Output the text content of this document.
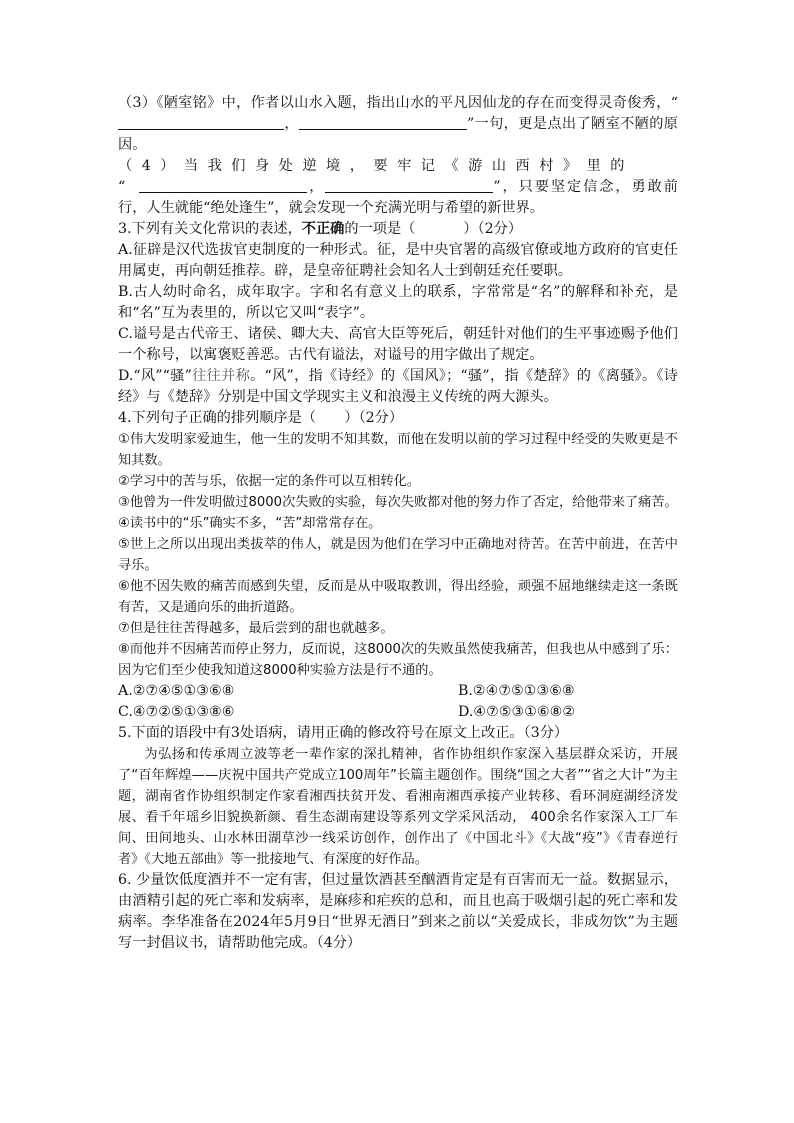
（3）《陋室铭》中，作者以山水入题，指出山水的平凡因仙龙的存在而变得灵奇俊秀，“，	”一句，更是点出了陋室不陋的原因。

（4）当我们身处逆境，要牢记《游山西村》里的
“	，	”，只要坚定信念，勇敢前行，人生就能“绝处逢生”，就会发现一个充满光明与希望的新世界。

3.下列有关文化常识的表述，不正确的一项是（	）（2分）

A.征辟是汉代选拔官吏制度的一种形式。征，是中央官署的高级官僚或地方政府的官吏任用属吏，再向朝廷推荐。辟，是皇帝征聘社会知名人士到朝廷充任要职。

B.古人幼时命名，成年取字。字和名有意义上的联系，字常常是“名”的解释和补充，是和“名”互为表里的，所以它又叫“表字”。

C.谥号是古代帝王、诸侯、卿大夫、高官大臣等死后，朝廷针对他们的生平事迹赐予他们一个称号，以寓褒贬善恶。古代有谥法，对谥号的用字做出了规定。

D.“风”“骚”往往并称。“风”，指《诗经》的《国风》；“骚”，指《楚辞》的《离骚》。《诗经》与《楚辞》分别是中国文学现实主义和浪漫主义传统的两大源头。

4.下列句子正确的排列顺序是（　　）（2分）

①伟大发明家爱迪生，他一生的发明不知其数，而他在发明以前的学习过程中经受的失败更是不知其数。

②学习中的苦与乐，依据一定的条件可以互相转化。

③他曾为一件发明做过8000次失败的实验，每次失败都对他的努力作了否定，给他带来了痛苦。

④读书中的“乐”确实不多，“苦”却常常存在。

⑤世上之所以出现出类拔萃的伟人，就是因为他们在学习中正确地对待苦。在苦中前进，在苦中寻乐。

⑥他不因失败的痛苦而感到失望，反而是从中吸取教训，得出经验，顽强不屈地继续走这一条既有苦，又是通向乐的曲折道路。

⑦但是往往苦得越多，最后尝到的甜也就越多。

⑧而他并不因痛苦而停止努力，反而说，这8000次的失败虽然使我痛苦，但我也从中感到了乐：因为它们至少使我知道这8000种实验方法是行不通的。

A.②⑦④⑤①③⑥⑧	B.②④⑦⑤①③⑥⑧
C.④⑦②⑤①③⑧⑥	D.④⑦⑤③①⑥⑧②

5.下面的语段中有3处语病，请用正确的修改符号在原文上改正。（3分）

为弘扬和传承周立波等老一辈作家的深扎精神，省作协组织作家深入基层群众采访，开展了“百年辉煌——庆祝中国共产党成立100周年”长篇主题创作。围绕“国之大者”“省之大计”为主题，湖南省作协组织制定作家看湘西扶贫开发、看湘南湘西承接产业转移、看环洞庭湖经济发展、看千年瑶乡旧貌换新颜、看生态湖南建设等系列文学采风活动， 400余名作家深入工厂车间、田间地头、山水林田湖草沙一线采访创作，创作出了《中国北斗》《大战“疫”》《青春逆行者》《大地五部曲》等一批接地气、有深度的好作品。

6. 少量饮低度酒并不一定有害，但过量饮酒甚至酗酒肯定是有百害而无一益。数据显示，由酒精引起的死亡率和发病率，是麻疹和疟疾的总和，而且也高于吸烟引起的死亡率和发病率。李华准备在2024年5月9日“世界无酒日”到来之前以“关爱成长，非成勿饮”为主题写一封倡议书，请帮助他完成。（4分）
